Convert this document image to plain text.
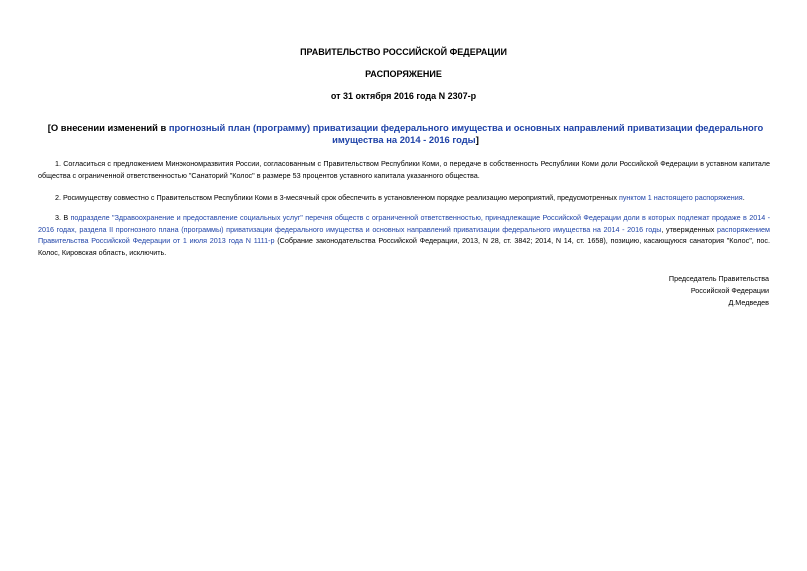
ПРАВИТЕЛЬСТВО РОССИЙСКОЙ ФЕДЕРАЦИИ
РАСПОРЯЖЕНИЕ
от 31 октября 2016 года N 2307-р
[О внесении изменений в прогнозный план (программу) приватизации федерального имущества и основных направлений приватизации федерального имущества на 2014 - 2016 годы]
1. Согласиться с предложением Минэкономразвития России, согласованным с Правительством Республики Коми, о передаче в собственность Республики Коми доли Российской Федерации в уставном капитале общества с ограниченной ответственностью "Санаторий "Колос" в размере 53 процентов уставного капитала указанного общества.
2. Росимуществу совместно с Правительством Республики Коми в 3-месячный срок обеспечить в установленном порядке реализацию мероприятий, предусмотренных пунктом 1 настоящего распоряжения.
3. В подразделе "Здравоохранение и предоставление социальных услуг" перечня обществ с ограниченной ответственностью, принадлежащие Российской Федерации доли в которых подлежат продаже в 2014 - 2016 годах, раздела II прогнозного плана (программы) приватизации федерального имущества и основных направлений приватизации федерального имущества на 2014 - 2016 годы, утвержденных распоряжением Правительства Российской Федерации от 1 июля 2013 года N 1111-р (Собрание законодательства Российской Федерации, 2013, N 28, ст. 3842; 2014, N 14, ст. 1658), позицию, касающуюся санатория "Колос", пос. Колос, Кировская область, исключить.
Председатель Правительства
Российской Федерации
Д.Медведев
